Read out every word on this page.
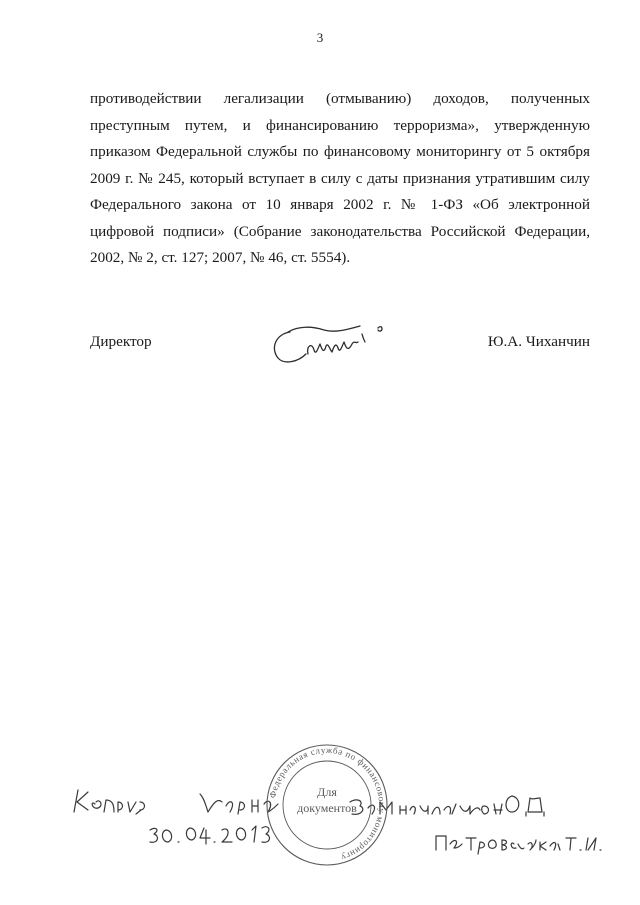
3
противодействии легализации (отмыванию) доходов, полученных
преступным путем, и финансированию терроризма», утвержденную
приказом Федеральной службы по финансовому мониторингу от 5 октября
2009 г. № 245, который вступает в силу с даты признания утратившим силу
Федерального закона от 10 января 2002 г. № 1-ФЗ «Об электронной
цифровой подписи» (Собрание законодательства Российской Федерации,
2002, № 2, ст. 127; 2007, № 46, ст. 5554).
Директор	Ю.А. Чиханчин
Федеральная служба по финансовому мониторингу
Для
документов
